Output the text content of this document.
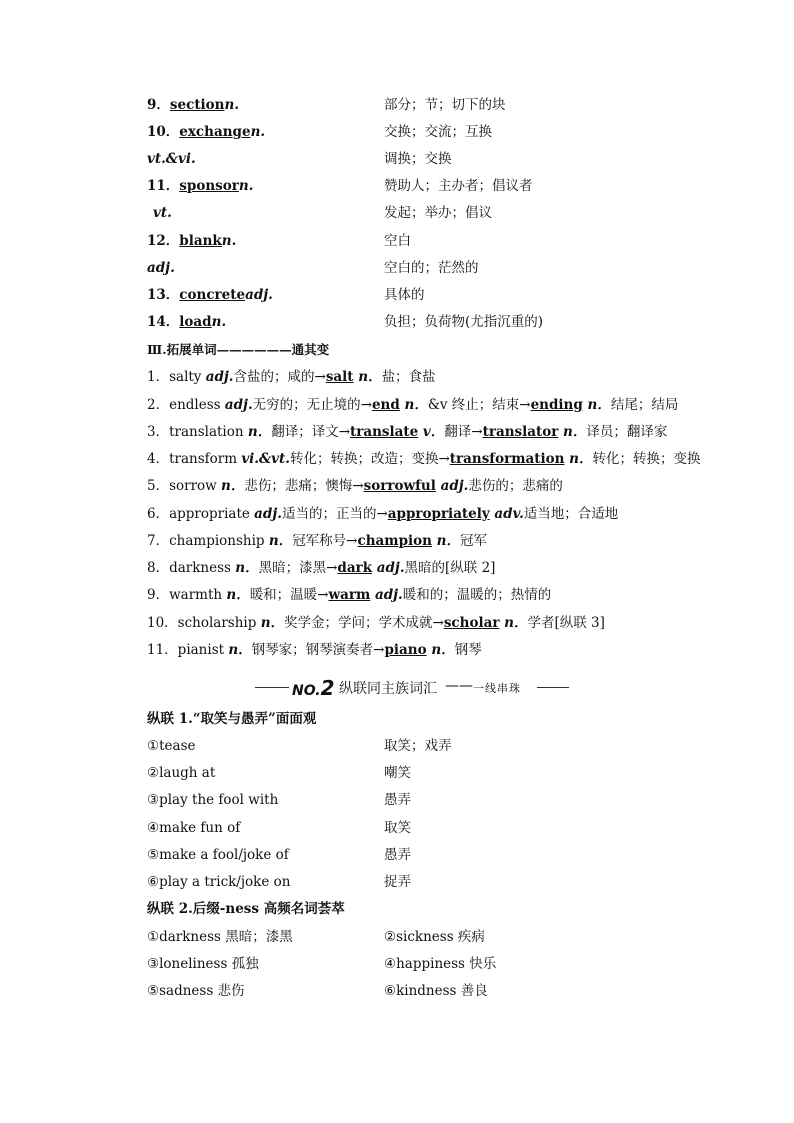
9．sectionn.	部分；节；切下的块
10．exchangen.	交换；交流；互换
vt.&vi.	调换；交换
11．sponsorn.	赞助人；主办者；倡议者
vt.	发起；举办；倡议
12．blankn.	空白
adj.	空白的；茫然的
13．concreteadj.	具体的
14．loadn.	负担；负荷物(尤指沉重的)
Ⅲ.拓展单词——————通其变
1．salty adj.含盐的；咸的→salt n．盐；食盐
2．endless adj.无穷的；无止境的→end n．&v 终止；结束→ending n．结尾；结局
3．translation n．翻译；译文→translate v．翻译→translator n．译员；翻译家
4．transform vi.&vt.转化；转换；改造；变换→transformation n．转化；转换；变换
5．sorrow n．悲伤；悲痛；懊悔→sorrowful adj.悲伤的；悲痛的
6．appropriate adj.适当的；正当的→appropriately adv.适当地；合适地
7．championship n．冠军称号→champion n．冠军
8．darkness n．黑暗；漆黑→dark adj.黑暗的[纵联 2]
9．warmth n．暖和；温暖→warm adj.暖和的；温暖的；热情的
10．scholarship n．奖学金；学问；学术成就→scholar n．学者[纵联 3]
11．pianist n．钢琴家；钢琴演奏者→piano n．钢琴
NO.2 纵联同主族词汇 —— 一线串珠
纵联 1.“取笑与愚弄”面面观
①tease	取笑；戏弄
②laugh at	嘲笑
③play the fool with	愚弄
④make fun of	取笑
⑤make a fool/joke of	愚弄
⑥play a trick/joke on	捉弄
纵联 2.后缀-ness 高频名词荟萃
①darkness 黑暗；漆黑	②sickness 疾病
③loneliness 孤独	④happiness 快乐
⑤sadness 悲伤	⑥kindness 善良
